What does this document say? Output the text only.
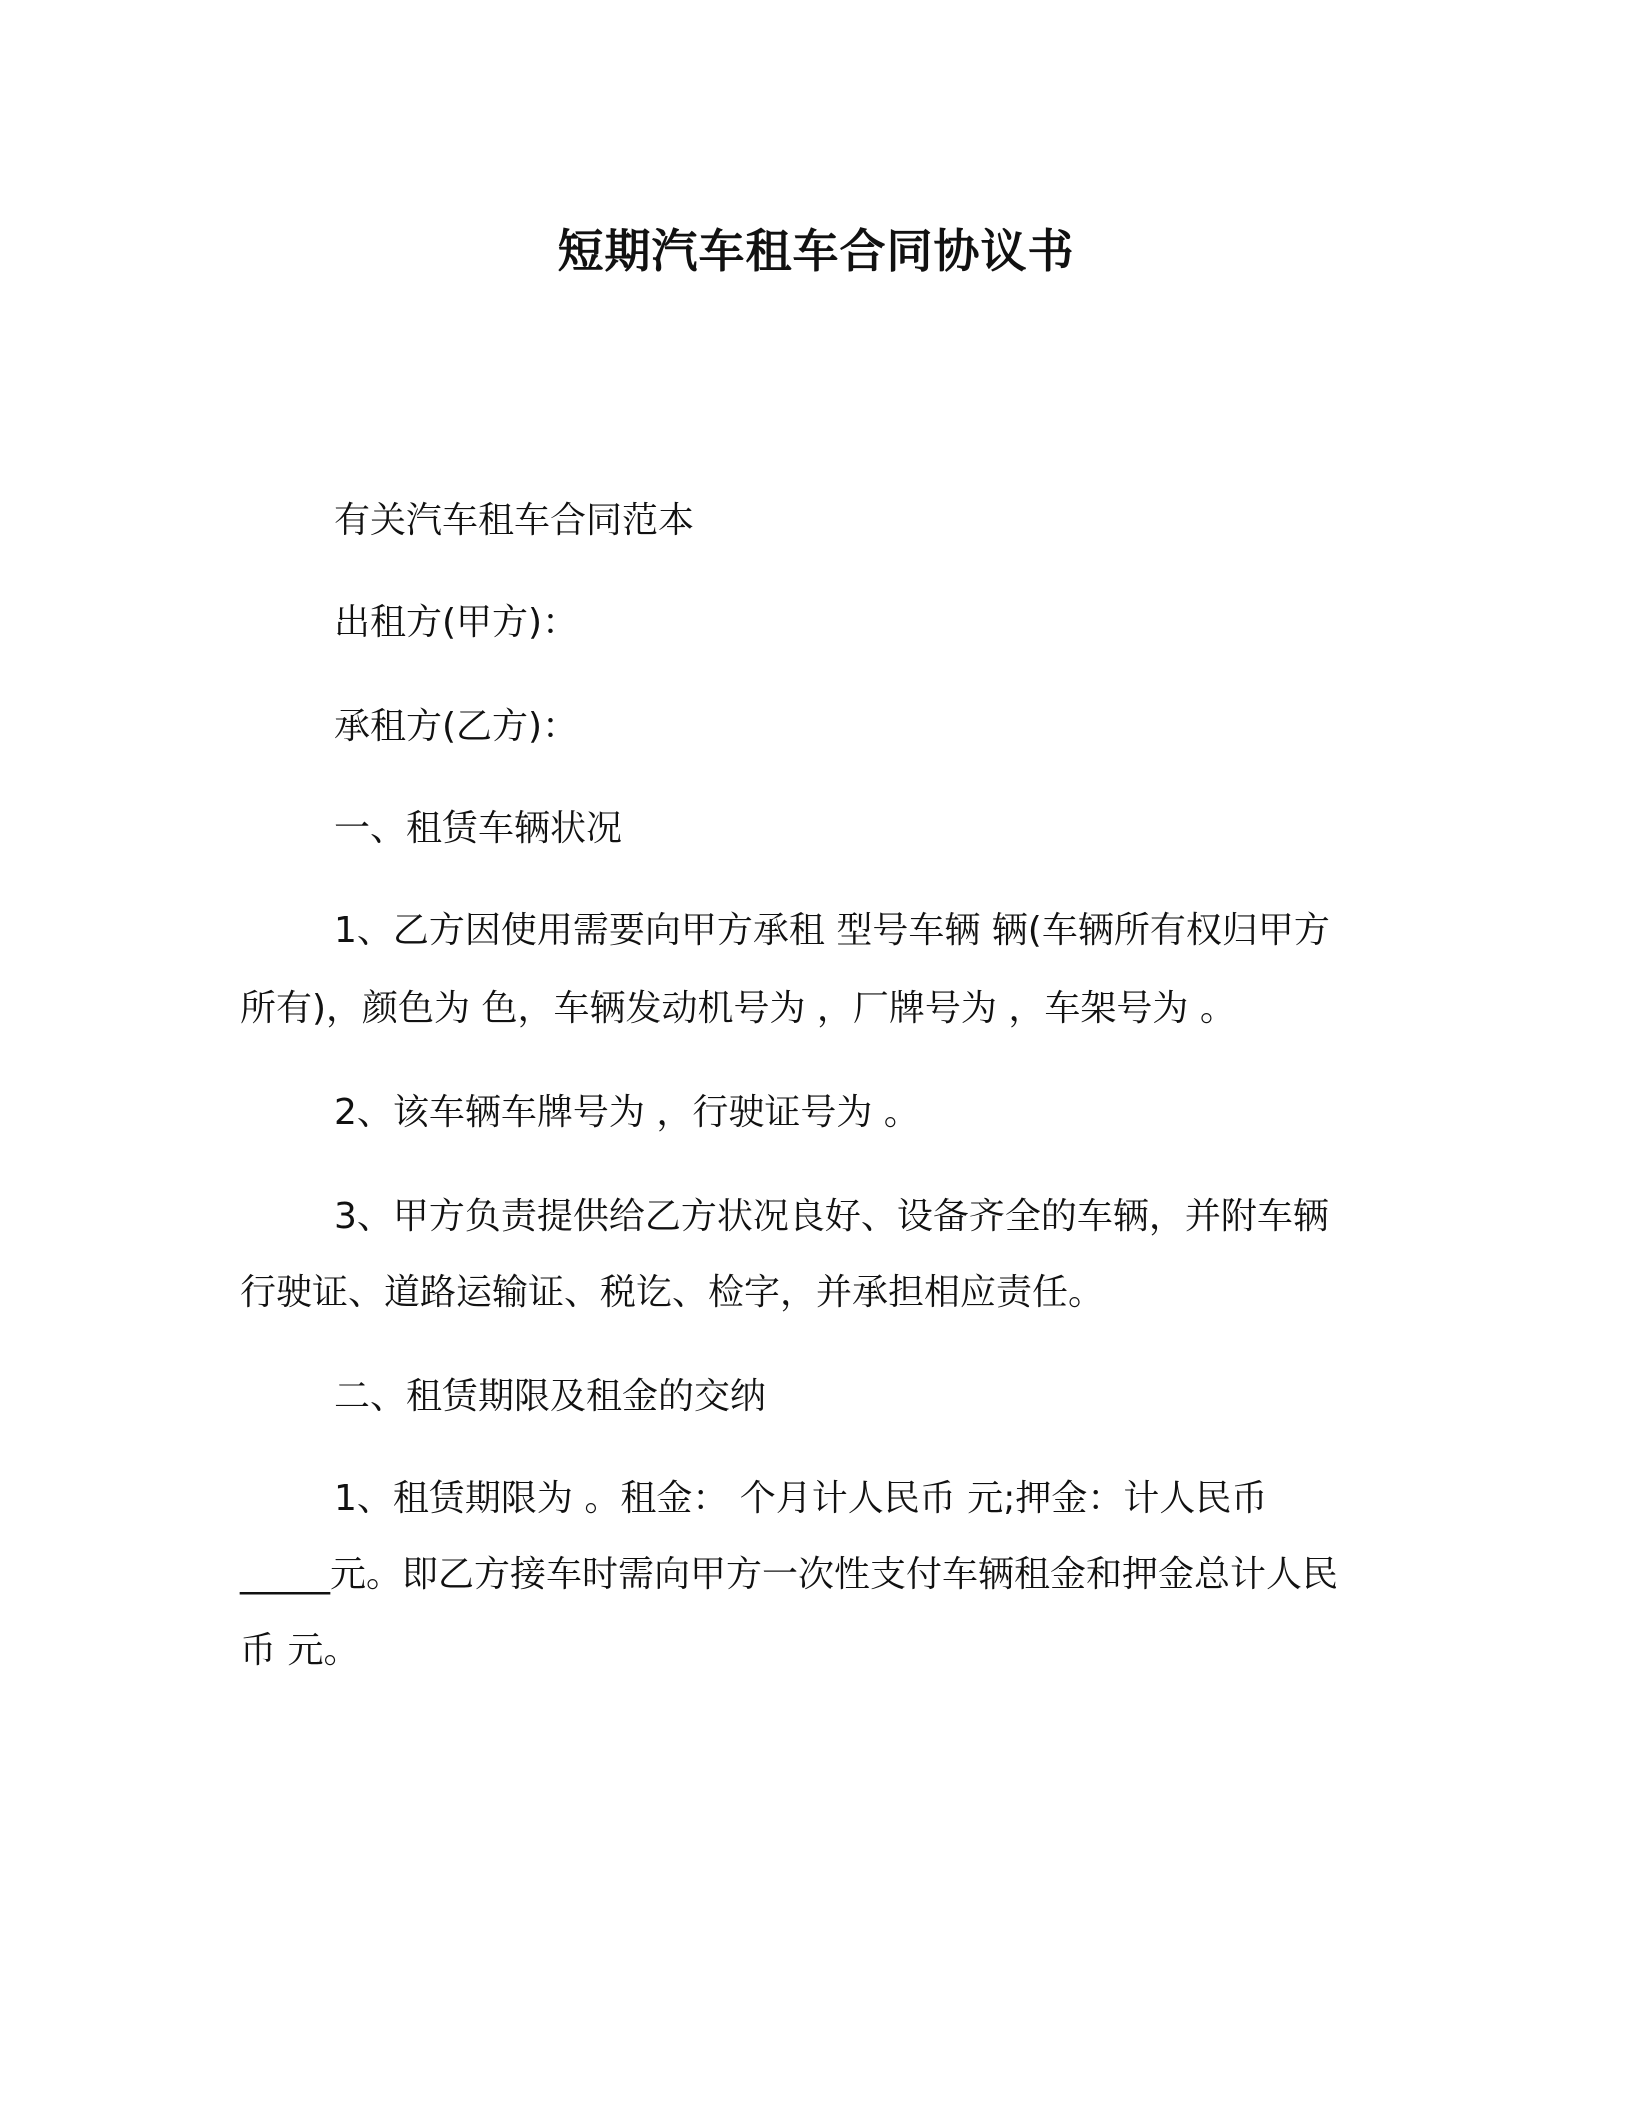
短期汽车租车合同协议书
有关汽车租车合同范本
出租方(甲方)：
承租方(乙方)：
一、租赁车辆状况
1、乙方因使用需要向甲方承租 型号车辆 辆(车辆所有权归甲方
所有)，颜色为 色，车辆发动机号为 ，厂牌号为 ，车架号为 。
2、该车辆车牌号为 ，行驶证号为 。
3、甲方负责提供给乙方状况良好、设备齐全的车辆，并附车辆
行驶证、道路运输证、税讫、检字，并承担相应责任。
二、租赁期限及租金的交纳
1、租赁期限为 。租金： 个月计人民币 元;押金：计人民币
_____元。即乙方接车时需向甲方一次性支付车辆租金和押金总计人民
币 元。
